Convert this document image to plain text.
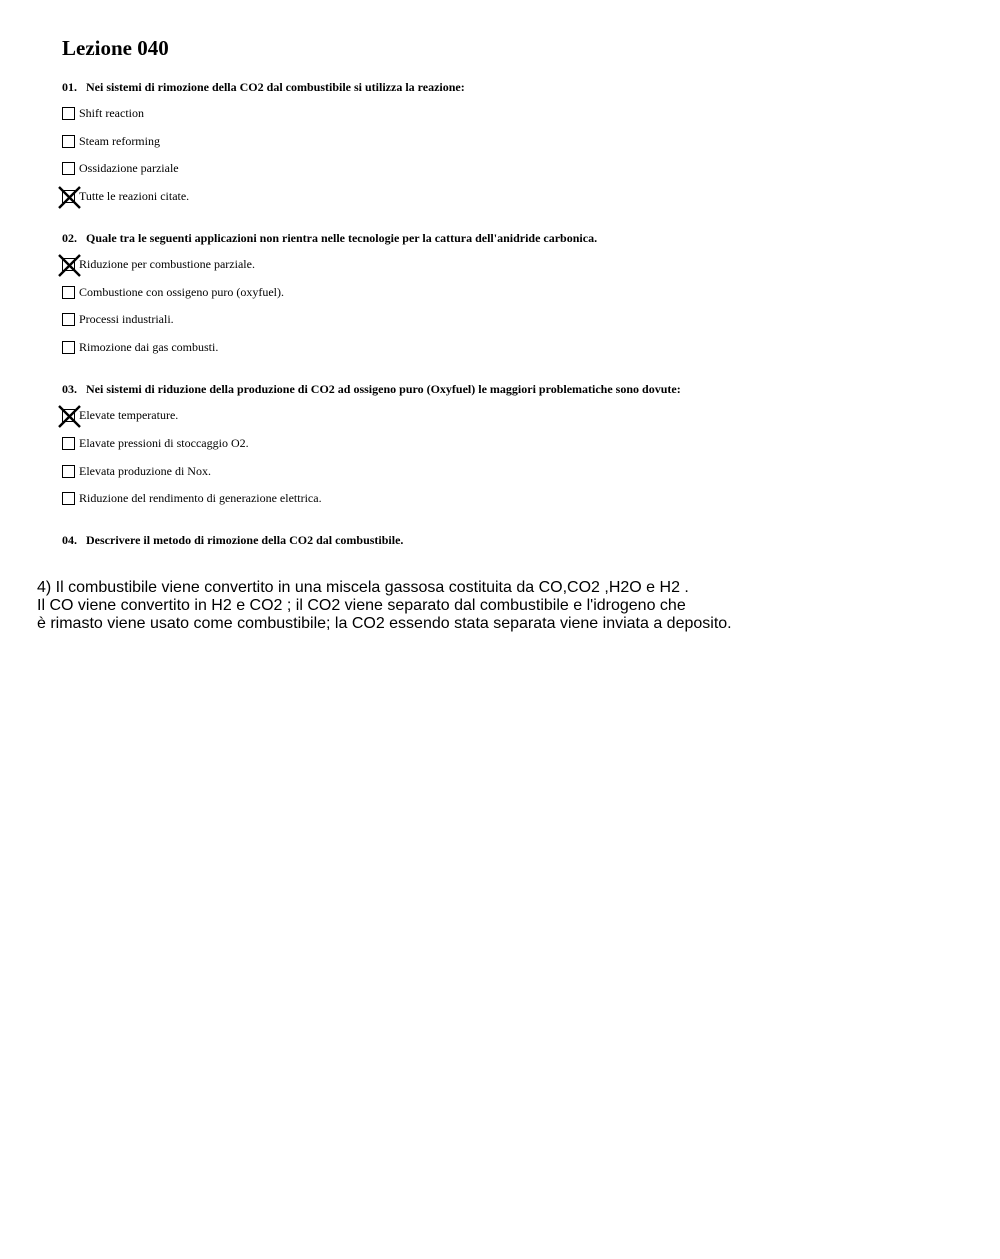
Lezione 040
01. Nei sistemi di rimozione della CO2 dal combustibile si utilizza la reazione:
Shift reaction
Steam reforming
Ossidazione parziale
Tutte le reazioni citate.
02. Quale tra le seguenti applicazioni non rientra nelle tecnologie per la cattura dell'anidride carbonica.
Riduzione per combustione parziale.
Combustione con ossigeno puro (oxyfuel).
Processi industriali.
Rimozione dai gas combusti.
03. Nei sistemi di riduzione della produzione di CO2 ad ossigeno puro (Oxyfuel) le maggiori problematiche sono dovute:
Elevate temperature.
Elavate pressioni di stoccaggio O2.
Elevata produzione di Nox.
Riduzione del rendimento di generazione elettrica.
04. Descrivere il metodo di rimozione della CO2 dal combustibile.
4) Il combustibile viene convertito in una miscela gassosa costituita da CO,CO2 ,H2O e H2 .
Il CO viene convertito in H2 e CO2 ; il CO2 viene separato dal combustibile e l'idrogeno che
è rimasto viene usato come combustibile; la CO2 essendo stata separata viene inviata a deposito.
